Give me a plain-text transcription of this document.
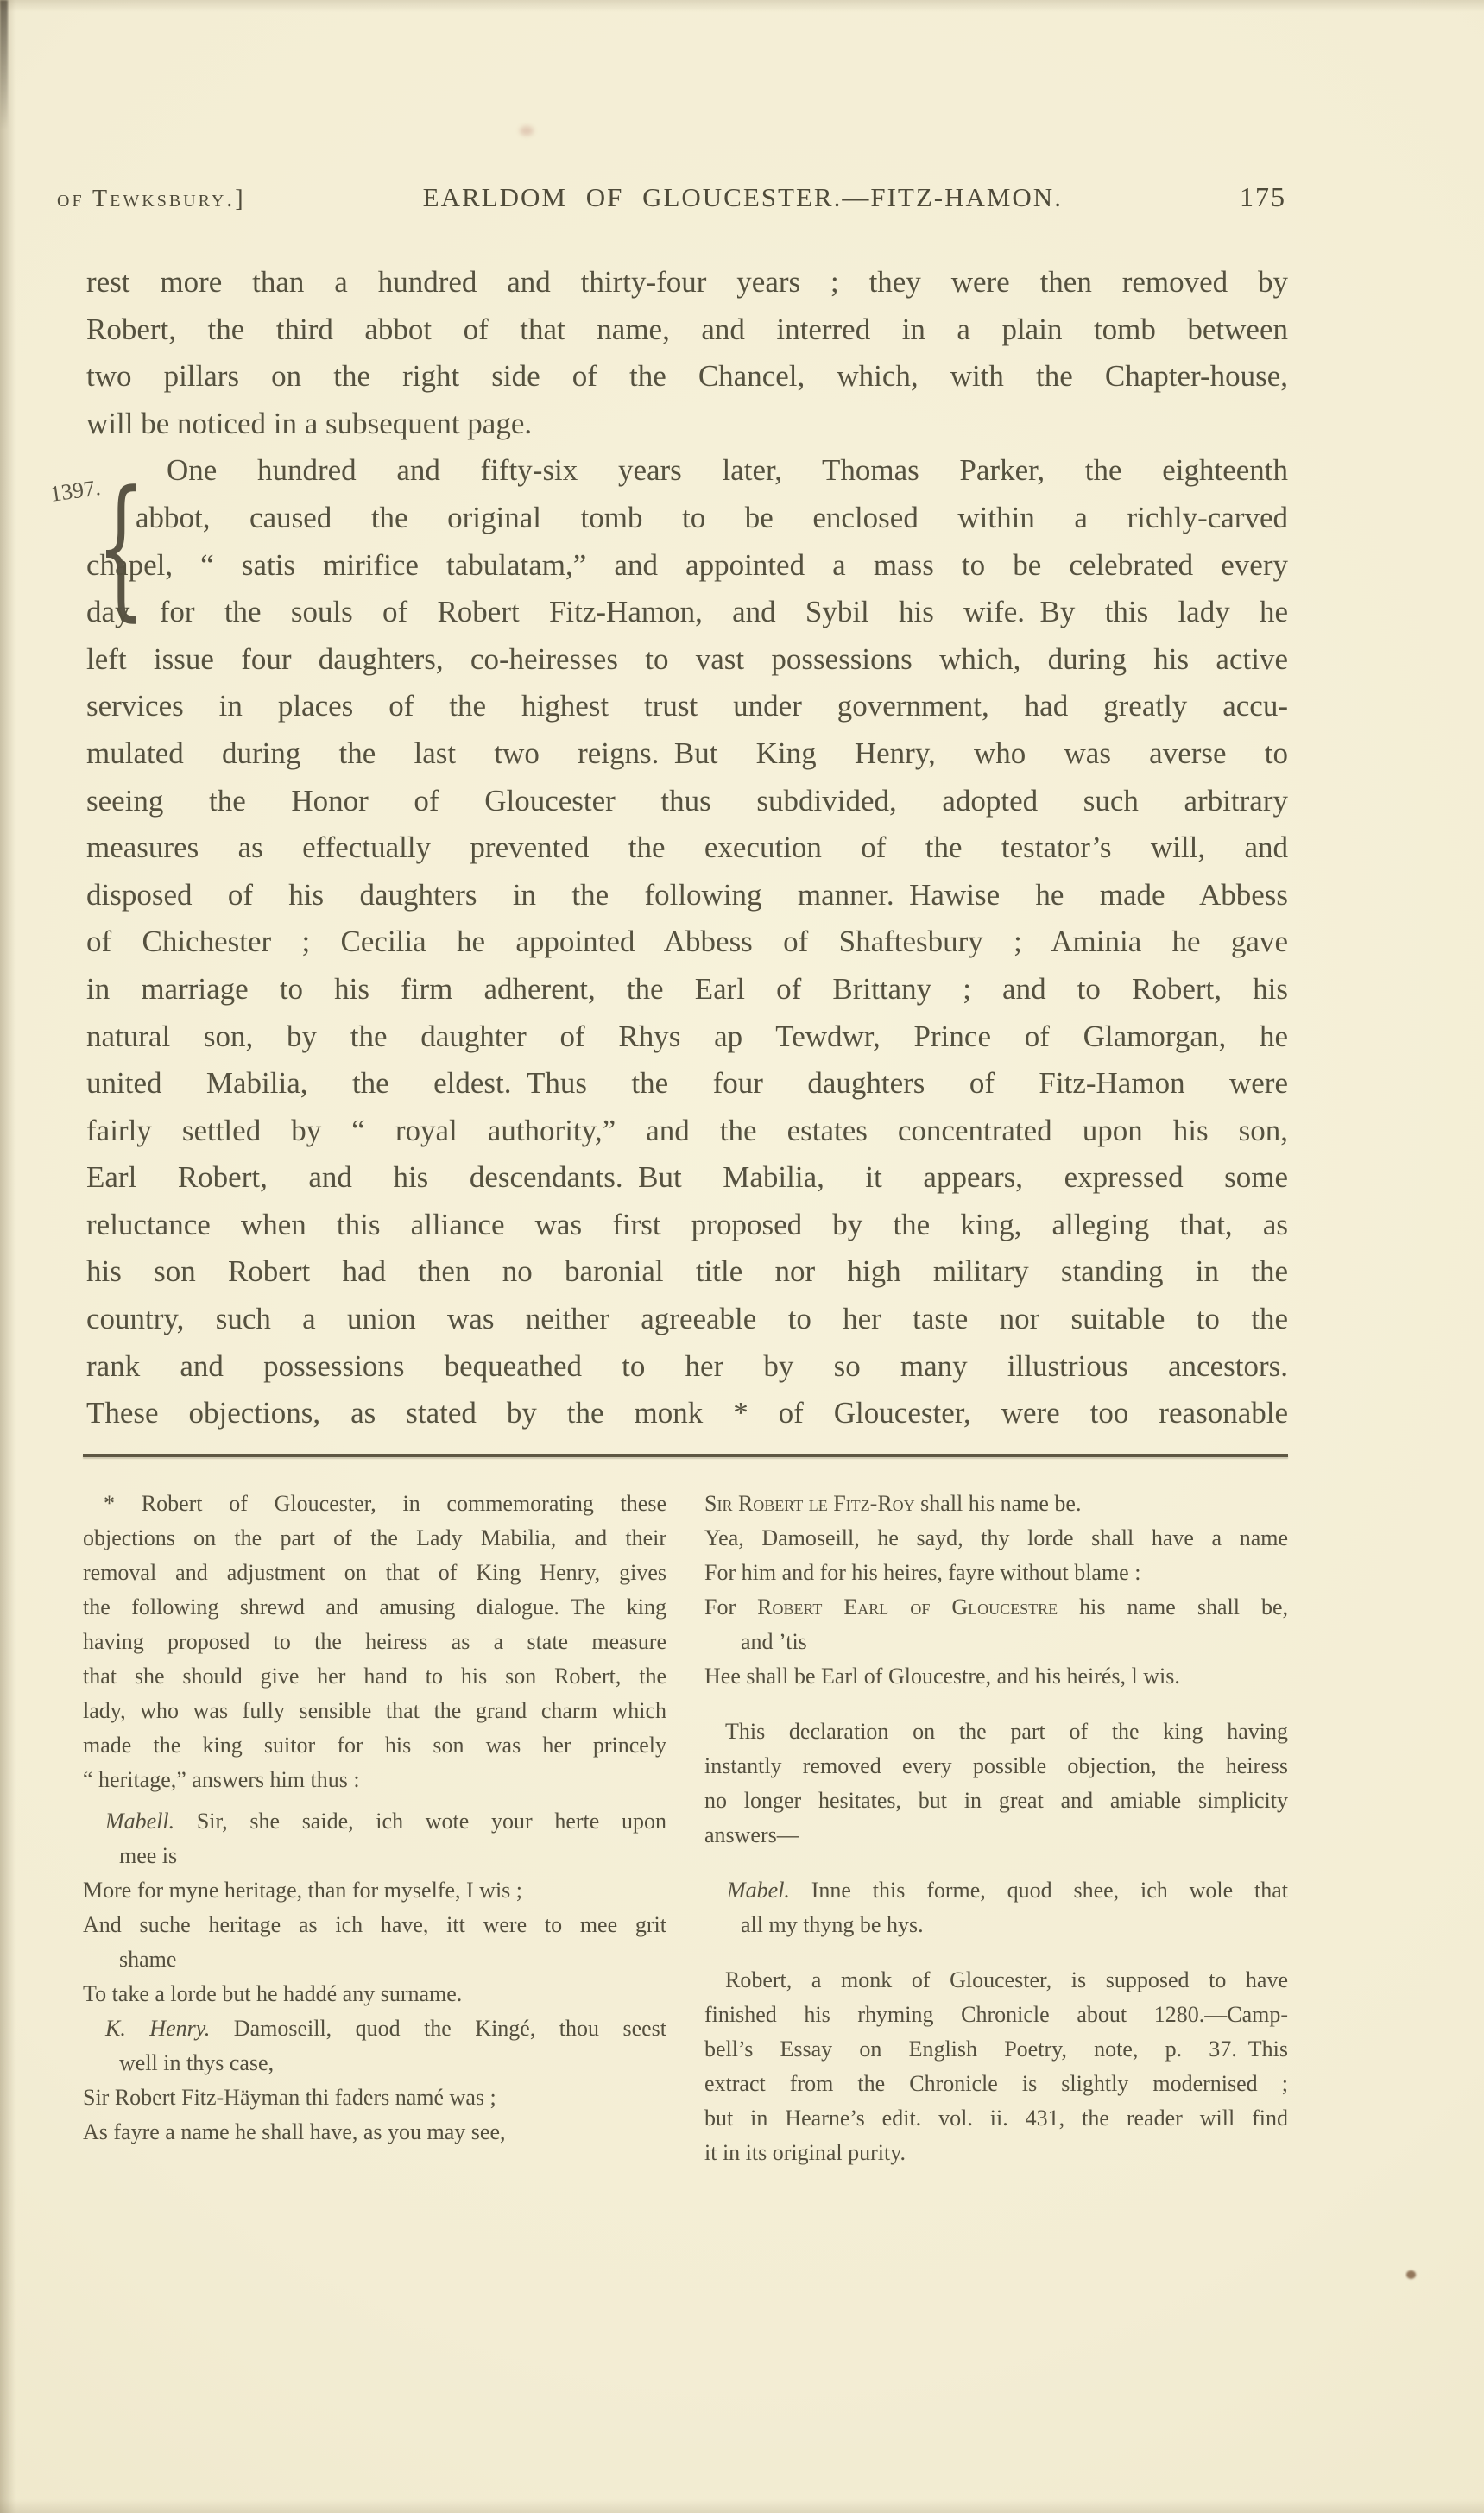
of Tewksbury.]	EARLDOM OF GLOUCESTER.—FITZ-HAMON.	175
1397.
{
rest more than a hundred and thirty-four years ; they were then removed by
Robert, the third abbot of that name, and interred in a plain tomb between
two pillars on the right side of the Chancel, which, with the Chapter-house,
will be noticed in a subsequent page.
One hundred and fifty-six years later, Thomas Parker, the eighteenth
abbot, caused the original tomb to be enclosed within a richly-carved
chapel, “ satis mirifice tabulatam,” and appointed a mass to be celebrated every
day for the souls of Robert Fitz-Hamon, and Sybil his wife. By this lady he
left issue four daughters, co-heiresses to vast possessions which, during his active
services in places of the highest trust under government, had greatly accu-
mulated during the last two reigns. But King Henry, who was averse to
seeing the Honor of Gloucester thus subdivided, adopted such arbitrary
measures as effectually prevented the execution of the testator’s will, and
disposed of his daughters in the following manner. Hawise he made Abbess
of Chichester ; Cecilia he appointed Abbess of Shaftesbury ; Aminia he gave
in marriage to his firm adherent, the Earl of Brittany ; and to Robert, his
natural son, by the daughter of Rhys ap Tewdwr, Prince of Glamorgan, he
united Mabilia, the eldest. Thus the four daughters of Fitz-Hamon were
fairly settled by “ royal authority,” and the estates concentrated upon his son,
Earl Robert, and his descendants. But Mabilia, it appears, expressed some
reluctance when this alliance was first proposed by the king, alleging that, as
his son Robert had then no baronial title nor high military standing in the
country, such a union was neither agreeable to her taste nor suitable to the
rank and possessions bequeathed to her by so many illustrious ancestors.
These objections, as stated by the monk * of Gloucester, were too reasonable
* Robert of Gloucester, in commemorating these
objections on the part of the Lady Mabilia, and their
removal and adjustment on that of King Henry, gives
the following shrewd and amusing dialogue. The king
having proposed to the heiress as a state measure
that she should give her hand to his son Robert, the
lady, who was fully sensible that the grand charm which
made the king suitor for his son was her princely
“ heritage,” answers him thus :
Mabell. Sir, she saide, ich wote your herte upon
mee is
More for myne heritage, than for myselfe, I wis ;
And suche heritage as ich have, itt were to mee grit
shame
To take a lorde but he haddé any surname.
K. Henry. Damoseill, quod the Kingé, thou seest
well in thys case,
Sir Robert Fitz-Häyman thi faders namé was ;
As fayre a name he shall have, as you may see,
Sir Robert le Fitz-Roy shall his name be.
Yea, Damoseill, he sayd, thy lorde shall have a name
For him and for his heires, fayre without blame :
For Robert Earl of Gloucestre his name shall be,
and ’tis
Hee shall be Earl of Gloucestre, and his heirés, l wis.
This declaration on the part of the king having
instantly removed every possible objection, the heiress
no longer hesitates, but in great and amiable simplicity
answers—
Mabel. Inne this forme, quod shee, ich wole that
all my thyng be hys.
Robert, a monk of Gloucester, is supposed to have
finished his rhyming Chronicle about 1280.—Camp-
bell’s Essay on English Poetry, note, p. 37. This
extract from the Chronicle is slightly modernised ;
but in Hearne’s edit. vol. ii. 431, the reader will find
it in its original purity.
